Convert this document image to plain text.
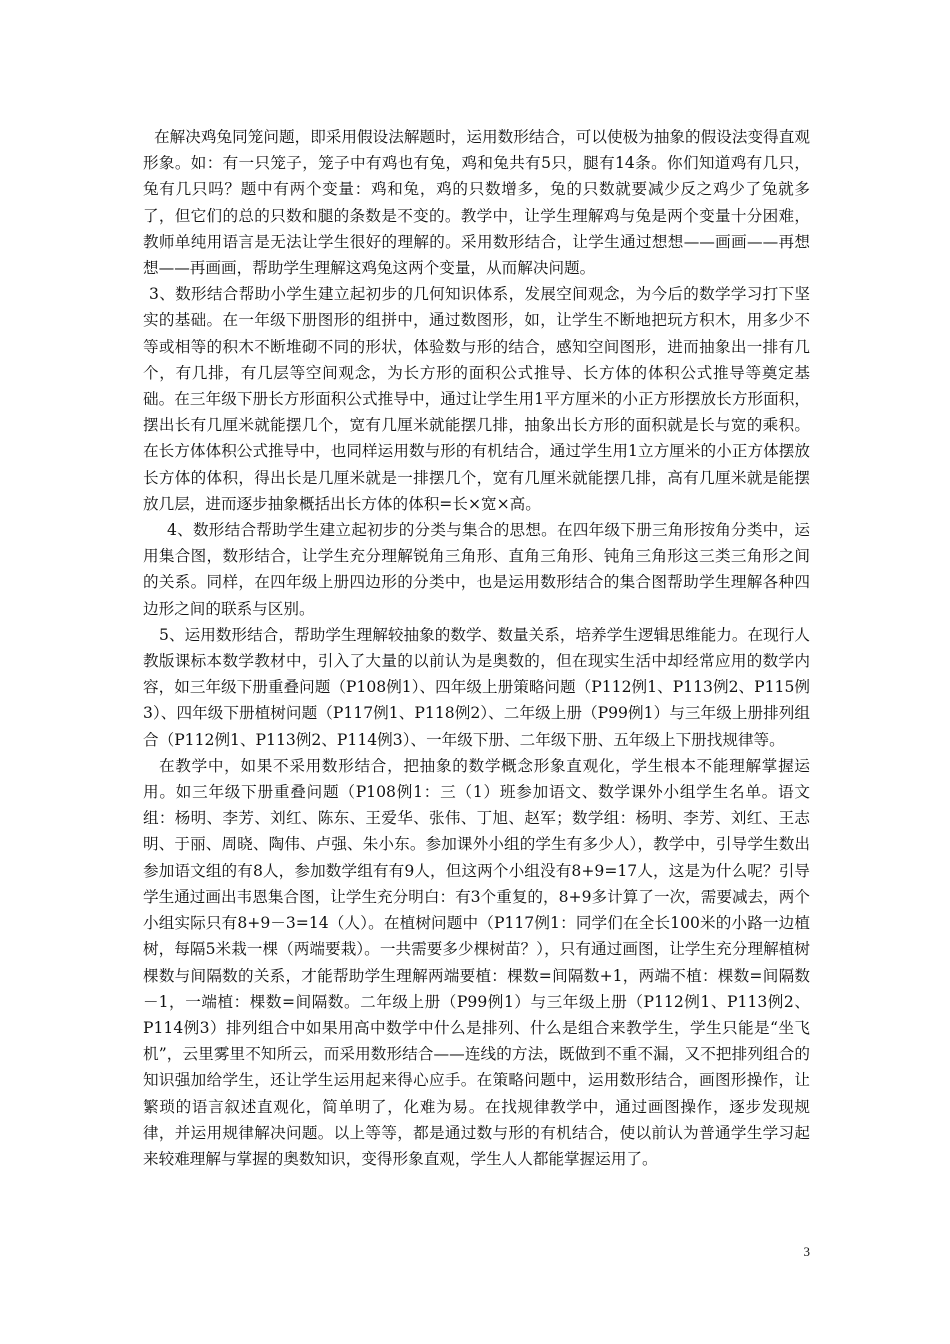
在解决鸡兔同笼问题，即采用假设法解题时，运用数形结合，可以使极为抽象的假设法变得直观形象。如：有一只笼子，笼子中有鸡也有兔，鸡和兔共有5只，腿有14条。你们知道鸡有几只，兔有几只吗？题中有两个变量：鸡和兔，鸡的只数增多，兔的只数就要减少反之鸡少了兔就多了，但它们的总的只数和腿的条数是不变的。教学中，让学生理解鸡与兔是两个变量十分困难，教师单纯用语言是无法让学生很好的理解的。采用数形结合，让学生通过想想——画画——再想想——再画画，帮助学生理解这鸡兔这两个变量，从而解决问题。

3、数形结合帮助小学生建立起初步的几何知识体系，发展空间观念，为今后的数学学习打下坚实的基础。在一年级下册图形的组拼中，通过数图形，如，让学生不断地把玩方积木，用多少不等或相等的积木不断堆砌不同的形状，体验数与形的结合，感知空间图形，进而抽象出一排有几个，有几排，有几层等空间观念，为长方形的面积公式推导、长方体的体积公式推导等奠定基础。在三年级下册长方形面积公式推导中，通过让学生用1平方厘米的小正方形摆放长方形面积，摆出长有几厘米就能摆几个，宽有几厘米就能摆几排，抽象出长方形的面积就是长与宽的乘积。在长方体体积公式推导中，也同样运用数与形的有机结合，通过学生用1立方厘米的小正方体摆放长方体的体积，得出长是几厘米就是一排摆几个，宽有几厘米就能摆几排，高有几厘米就是能摆放几层，进而逐步抽象概括出长方体的体积=长×宽×高。

4、数形结合帮助学生建立起初步的分类与集合的思想。在四年级下册三角形按角分类中，运用集合图，数形结合，让学生充分理解锐角三角形、直角三角形、钝角三角形这三类三角形之间的关系。同样，在四年级上册四边形的分类中，也是运用数形结合的集合图帮助学生理解各种四边形之间的联系与区别。

5、运用数形结合，帮助学生理解较抽象的数学、数量关系，培养学生逻辑思维能力。在现行人教版课标本数学教材中，引入了大量的以前认为是奥数的，但在现实生活中却经常应用的数学内容，如三年级下册重叠问题（P108例1）、四年级上册策略问题（P112例1、P113例2、P115例3）、四年级下册植树问题（P117例1、P118例2）、二年级上册（P99例1）与三年级上册排列组合（P112例1、P113例2、P114例3）、一年级下册、二年级下册、五年级上下册找规律等。

在教学中，如果不采用数形结合，把抽象的数学概念形象直观化，学生根本不能理解掌握运用。如三年级下册重叠问题（P108例1：三（1）班参加语文、数学课外小组学生名单。语文组：杨明、李芳、刘红、陈东、王爱华、张伟、丁旭、赵军；数学组：杨明、李芳、刘红、王志明、于丽、周晓、陶伟、卢强、朱小东。参加课外小组的学生有多少人），教学中，引导学生数出参加语文组的有8人，参加数学组有有9人，但这两个小组没有8+9=17人，这是为什么呢？引导学生通过画出韦恩集合图，让学生充分明白：有3个重复的，8+9多计算了一次，需要减去，两个小组实际只有8+9－3=14（人）。在植树问题中（P117例1：同学们在全长100米的小路一边植树，每隔5米栽一棵（两端要栽）。一共需要多少棵树苗？），只有通过画图，让学生充分理解植树棵数与间隔数的关系，才能帮助学生理解两端要植：棵数=间隔数+1，两端不植：棵数=间隔数－1，一端植：棵数=间隔数。二年级上册（P99例1）与三年级上册（P112例1、P113例2、P114例3）排列组合中如果用高中数学中什么是排列、什么是组合来教学生，学生只能是“坐飞机”，云里雾里不知所云，而采用数形结合——连线的方法，既做到不重不漏，又不把排列组合的知识强加给学生，还让学生运用起来得心应手。在策略问题中，运用数形结合，画图形操作，让繁琐的语言叙述直观化，简单明了，化难为易。在找规律教学中，通过画图操作，逐步发现规律，并运用规律解决问题。以上等等，都是通过数与形的有机结合，使以前认为普通学生学习起来较难理解与掌握的奥数知识，变得形象直观，学生人人都能掌握运用了。

3
